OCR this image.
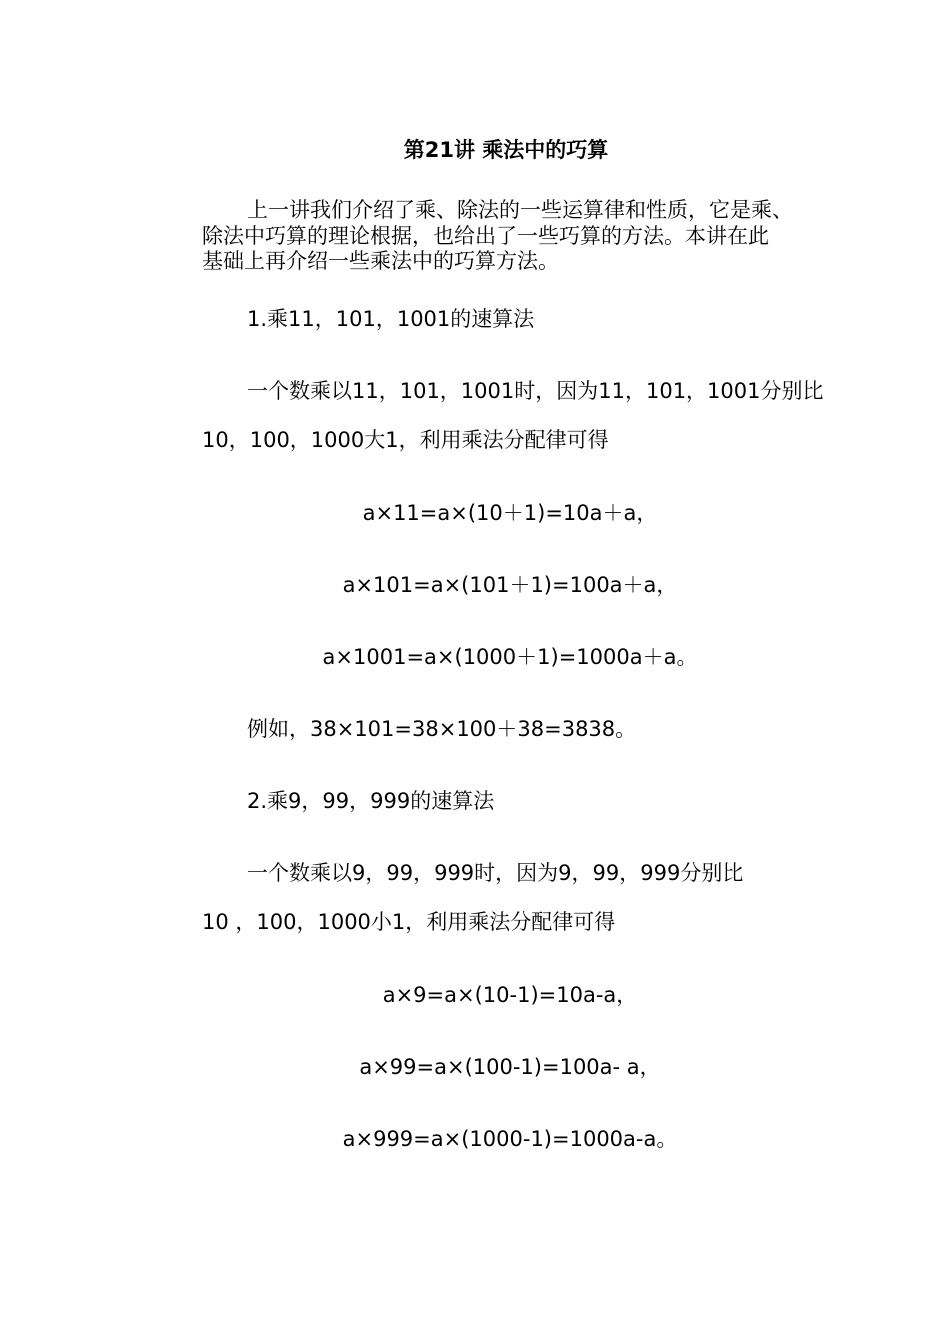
第21讲 乘法中的巧算

上一讲我们介绍了乘、除法的一些运算律和性质，它是乘、

除法中巧算的理论根据，也给出了一些巧算的方法。本讲在此

基础上再介绍一些乘法中的巧算方法。

1.乘11，101，1001的速算法

一个数乘以11，101，1001时，因为11，101，1001分别比

10，100，1000大1，利用乘法分配律可得

a×11=a×(10＋1)=10a＋a，

a×101=a×(101＋1)=100a＋a，

a×1001=a×(1000＋1)=1000a＋a。

例如，38×101=38×100＋38=3838。

2.乘9，99，999的速算法

一个数乘以9，99，999时，因为9，99，999分别比

10 ，100，1000小1，利用乘法分配律可得

a×9=a×(10-1)=10a-a，

a×99=a×(100-1)=100a- a，

a×999=a×(1000-1)=1000a-a。
